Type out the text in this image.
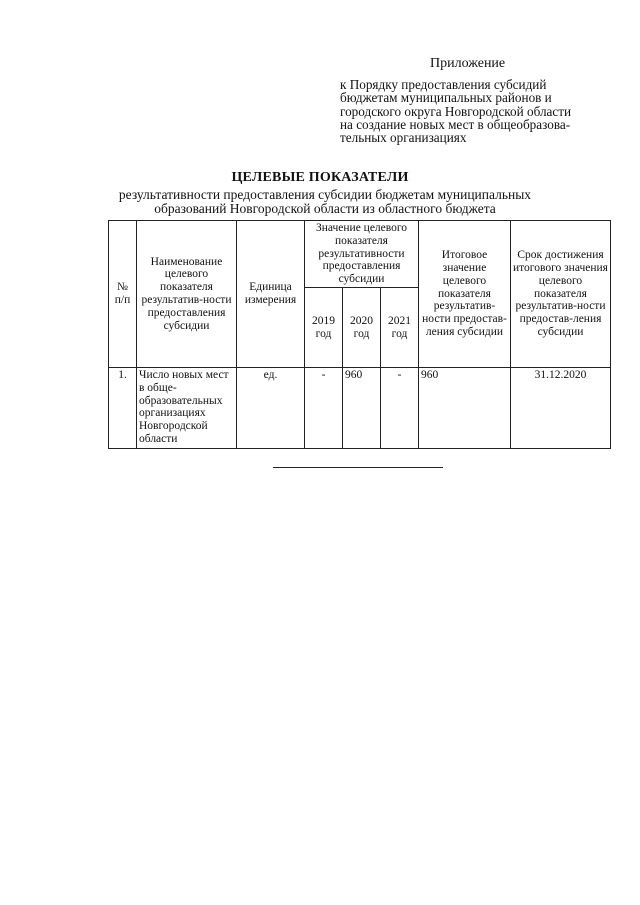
Приложение
к Порядку предоставления субсидий
бюджетам муниципальных районов и
городского округа Новгородской области
на создание новых мест в общеобразова-
тельных организациях
ЦЕЛЕВЫЕ ПОКАЗАТЕЛИ
результативности предоставления субсидии бюджетам муниципальных
образований Новгородской области из областного бюджета
№ п/п	Наименование целевого показателя результатив-ности предоставления субсидии	Единица измерения	Значение целевого показателя результативности предоставления субсидии			Итоговое значение целевого показателя результатив-ности предостав-ления субсидии	Срок достижения итогового значения целевого показателя результатив-ности предостав-ления субсидии
			2019 год	2020 год	2021 год		
1.	Число новых мест в обще-образовательных организациях Новгородской области	ед.	-	960	-	960	31.12.2020
